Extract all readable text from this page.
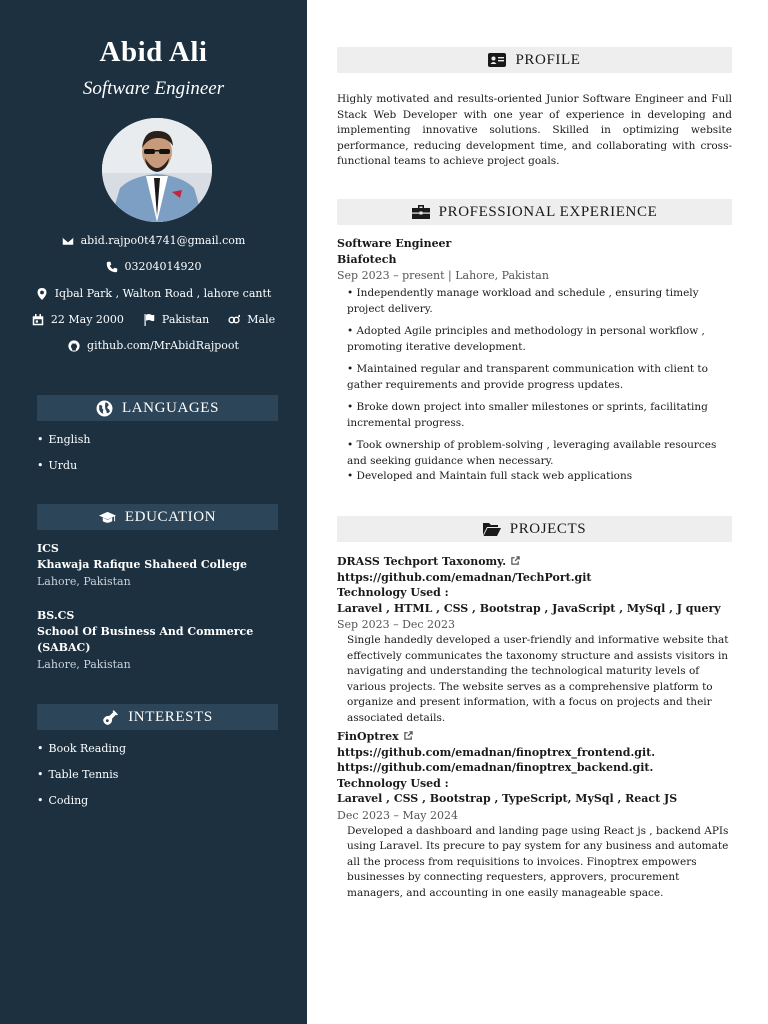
Abid Ali
Software Engineer
abid.rajpo0t4741@gmail.com
03204014920
Iqbal Park , Walton Road , lahore cantt
22 May 2000	Pakistan	Male
github.com/MrAbidRajpoot
LANGUAGES
• English
• Urdu
EDUCATION
ICS
Khawaja Rafique Shaheed College
Lahore, Pakistan
BS.CS
School Of Business And Commerce (SABAC)
Lahore, Pakistan
INTERESTS
• Book Reading
• Table Tennis
• Coding
PROFILE
Highly motivated and results-oriented Junior Software Engineer and Full Stack Web Developer with one year of experience in developing and implementing innovative solutions. Skilled in optimizing website performance, reducing development time, and collaborating with cross-functional teams to achieve project goals.
PROFESSIONAL EXPERIENCE
Software Engineer
Biafotech
Sep 2023 – present | Lahore, Pakistan
• Independently manage workload and schedule , ensuring timely project delivery.
• Adopted Agile principles and methodology in personal workflow , promoting iterative development.
• Maintained regular and transparent communication with client to gather requirements and provide progress updates.
• Broke down project into smaller milestones or sprints, facilitating incremental progress.
• Took ownership of problem-solving , leveraging available resources and seeking guidance when necessary.
• Developed and Maintain full stack web applications
PROJECTS
DRASS Techport Taxonomy.
https://github.com/emadnan/TechPort.git
Technology Used :
Laravel , HTML , CSS , Bootstrap , JavaScript , MySql , J query
Sep 2023 – Dec 2023
Single handedly developed a user-friendly and informative website that effectively communicates the taxonomy structure and assists visitors in navigating and understanding the technological maturity levels of various projects. The website serves as a comprehensive platform to organize and present information, with a focus on projects and their associated details.
FinOptrex
https://github.com/emadnan/finoptrex_frontend.git.
https://github.com/emadnan/finoptrex_backend.git.
Technology Used :
Laravel , CSS , Bootstrap , TypeScript, MySql , React JS
Dec 2023 – May 2024
Developed a dashboard and landing page using React js , backend APIs using Laravel. Its precure to pay system for any business and automate all the process from requisitions to invoices. Finoptrex empowers businesses by connecting requesters, approvers, procurement managers, and accounting in one easily manageable space.
